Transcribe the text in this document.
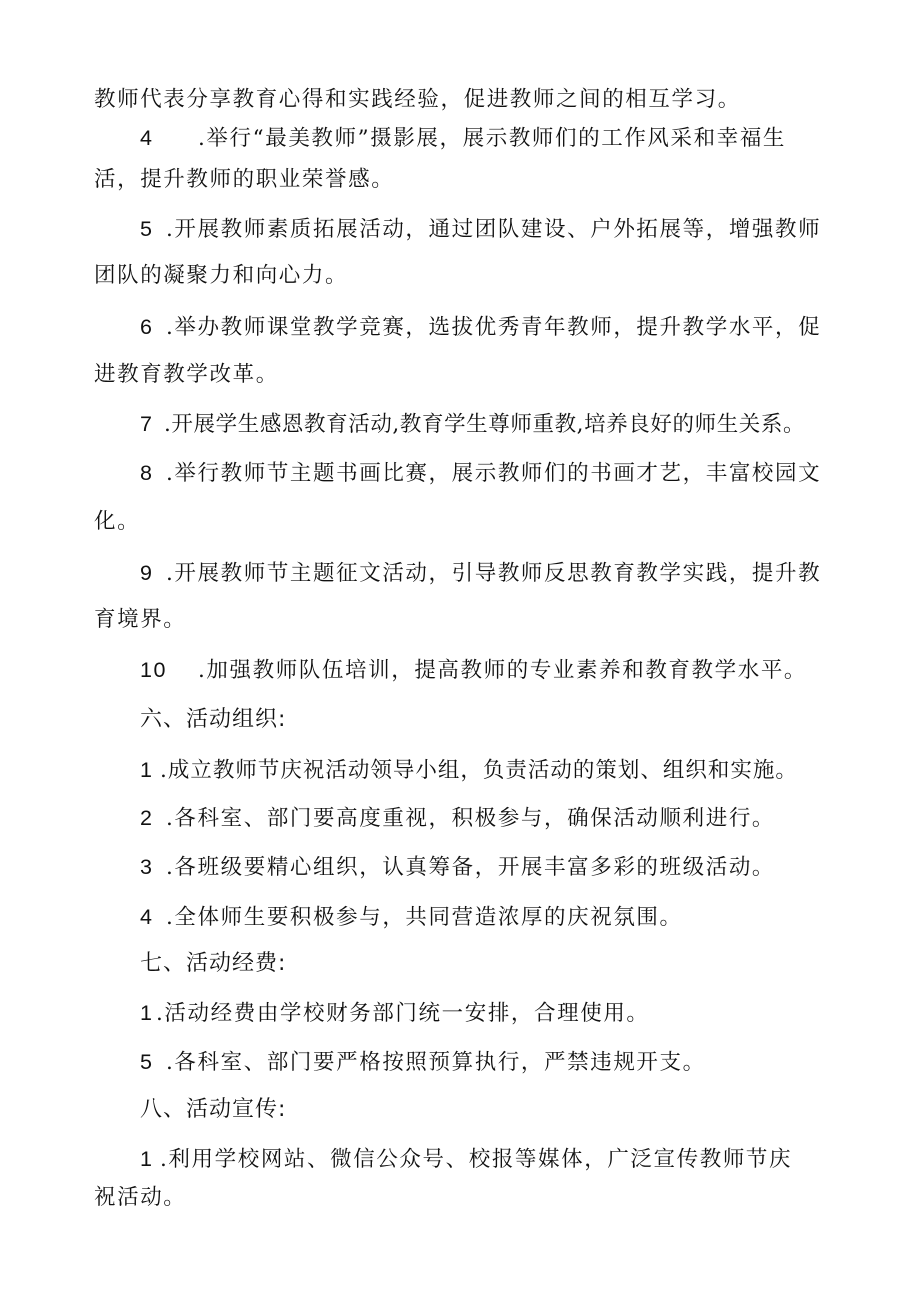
教师代表分享教育心得和实践经验，促进教师之间的相互学习。
4 .举行“最美教师”摄影展，展示教师们的工作风采和幸福生
活，提升教师的职业荣誉感。
5 .开展教师素质拓展活动，通过团队建设、户外拓展等，增强教师
团队的凝聚力和向心力。
6 .举办教师课堂教学竞赛，选拔优秀青年教师，提升教学水平，促
进教育教学改革。
7 .开展学生感恩教育活动,教育学生尊师重教,培养良好的师生关系。
8 .举行教师节主题书画比赛，展示教师们的书画才艺，丰富校园文
化。
9 .开展教师节主题征文活动，引导教师反思教育教学实践，提升教
育境界。
10 .加强教师队伍培训，提高教师的专业素养和教育教学水平。
六、活动组织:
1 .成立教师节庆祝活动领导小组，负责活动的策划、组织和实施。
2 .各科室、部门要高度重视，积极参与，确保活动顺利进行。
3 .各班级要精心组织，认真筹备，开展丰富多彩的班级活动。
4 .全体师生要积极参与，共同营造浓厚的庆祝氛围。
七、活动经费:
1 .活动经费由学校财务部门统一安排，合理使用。
5 .各科室、部门要严格按照预算执行，严禁违规开支。
八、活动宣传:
1 .利用学校网站、微信公众号、校报等媒体，广泛宣传教师节庆
祝活动。
